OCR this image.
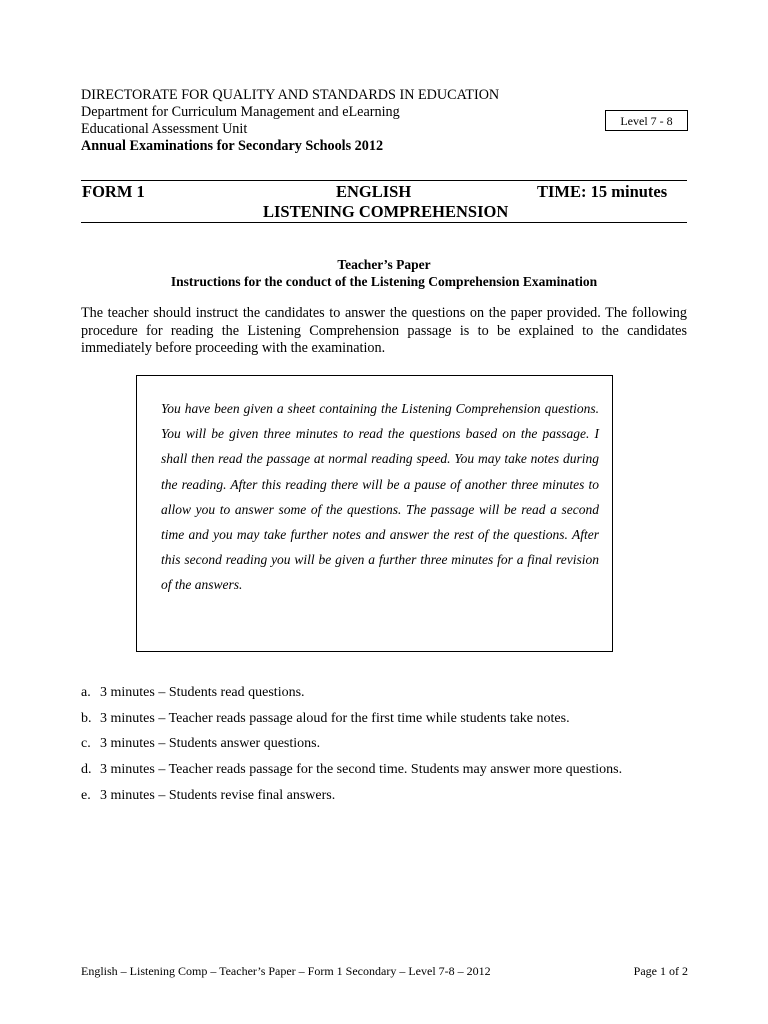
DIRECTORATE FOR QUALITY AND STANDARDS IN EDUCATION
Department for Curriculum Management and eLearning
Educational Assessment Unit
Annual Examinations for Secondary Schools 2012
Level 7 - 8
FORM 1	ENGLISH	TIME: 15 minutes
LISTENING COMPREHENSION
Teacher’s Paper
Instructions for the conduct of the Listening Comprehension Examination
The teacher should instruct the candidates to answer the questions on the paper provided. The following procedure for reading the Listening Comprehension passage is to be explained to the candidates immediately before proceeding with the examination.
You have been given a sheet containing the Listening Comprehension questions. You will be given three minutes to read the questions based on the passage. I shall then read the passage at normal reading speed. You may take notes during the reading. After this reading there will be a pause of another three minutes to allow you to answer some of the questions. The passage will be read a second time and you may take further notes and answer the rest of the questions. After this second reading you will be given a further three minutes for a final revision of the answers.
a. 3 minutes – Students read questions.
b. 3 minutes – Teacher reads passage aloud for the first time while students take notes.
c. 3 minutes – Students answer questions.
d. 3 minutes – Teacher reads passage for the second time. Students may answer more questions.
e. 3 minutes – Students revise final answers.
English – Listening Comp – Teacher’s Paper – Form 1 Secondary – Level 7-8 – 2012	Page 1 of 2
